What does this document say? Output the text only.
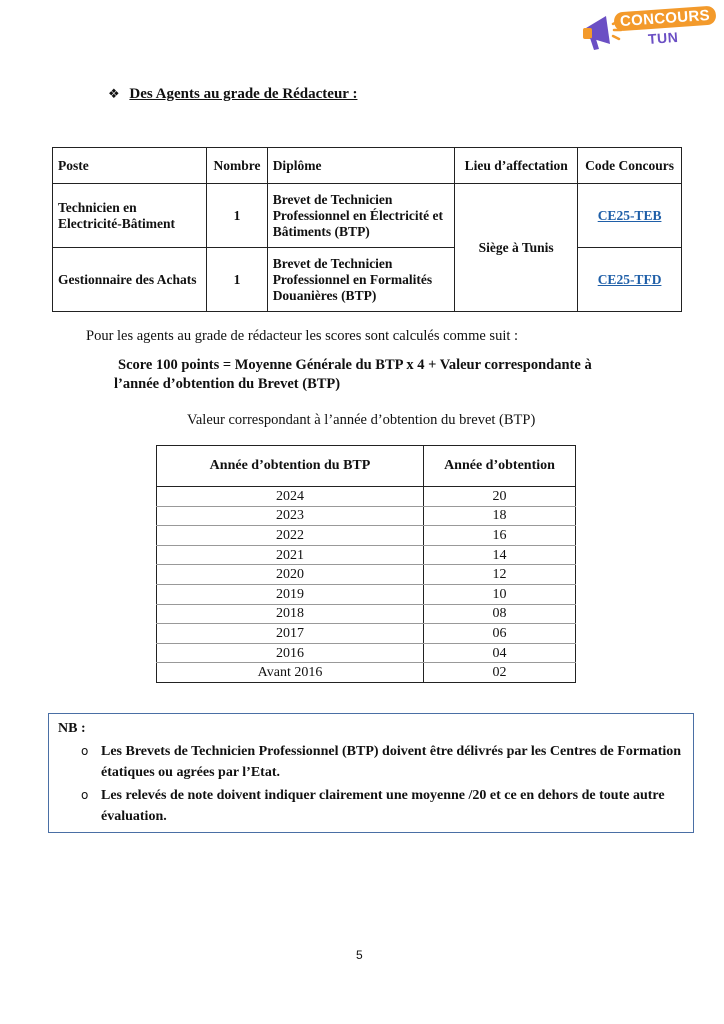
CONCOURS
TUN
❖ Des Agents au grade de Rédacteur :
Poste	Nombre	Diplôme	Lieu d’affectation	Code Concours
Technicien en Electricité-Bâtiment	1	Brevet de Technicien Professionnel en Électricité et Bâtiments (BTP)	Siège à Tunis	CE25-TEB
Gestionnaire des Achats	1	Brevet de Technicien Professionnel en Formalités Douanières (BTP)		CE25-TFD
Pour les agents au grade de rédacteur les scores sont calculés comme suit :
Score 100 points = Moyenne Générale du BTP x 4 + Valeur correspondante à
l’année d’obtention du Brevet (BTP)
Valeur correspondant à l’année d’obtention du brevet (BTP)
Année d’obtention du BTP	Année d’obtention
2024	20
2023	18
2022	16
2021	14
2020	12
2019	10
2018	08
2017	06
2016	04
Avant 2016	02
NB :
o Les Brevets de Technicien Professionnel (BTP) doivent être délivrés par les Centres de Formation étatiques ou agrées par l’Etat.
o Les relevés de note doivent indiquer clairement une moyenne /20 et ce en dehors de toute autre évaluation.
5
